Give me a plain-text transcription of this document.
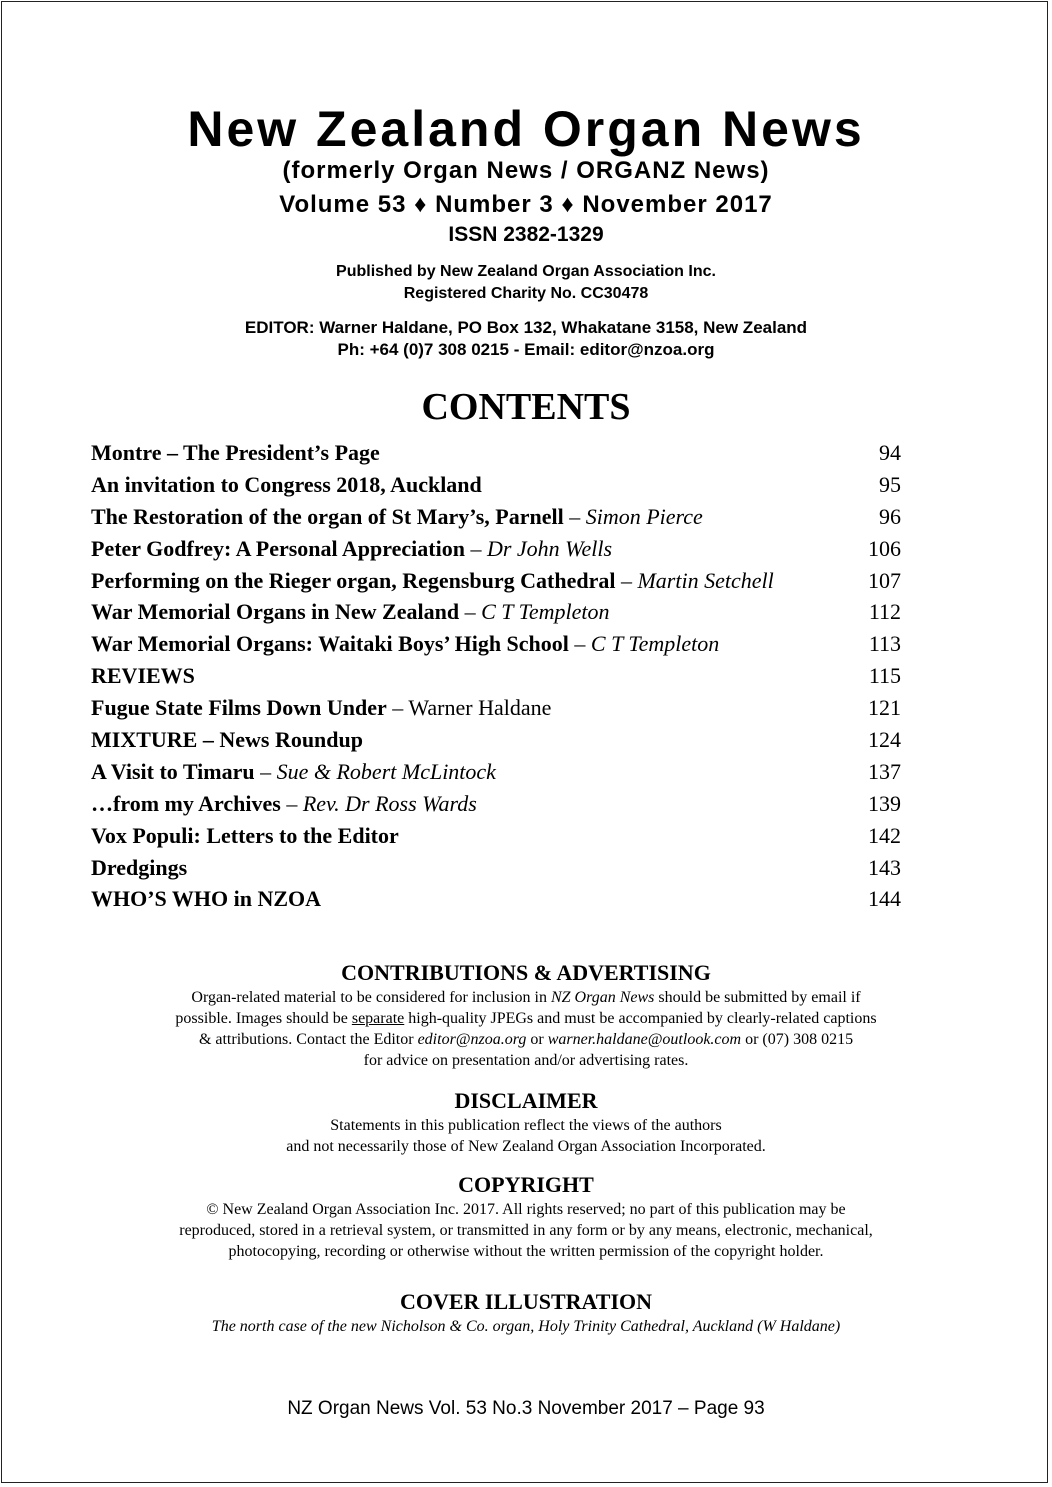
New Zealand Organ News

(formerly Organ News / ORGANZ News)

Volume 53 ♦ Number 3 ♦ November 2017

ISSN 2382-1329

Published by New Zealand Organ Association Inc.

Registered Charity No. CC30478

EDITOR: Warner Haldane, PO Box 132, Whakatane 3158, New Zealand

Ph: +64 (0)7 308 0215 - Email: editor@nzoa.org

CONTENTS
Montre – The President’s Page	94
An invitation to Congress 2018, Auckland	95
The Restoration of the organ of St Mary’s, Parnell – Simon Pierce	96
Peter Godfrey: A Personal Appreciation – Dr John Wells	106
Performing on the Rieger organ, Regensburg Cathedral – Martin Setchell	107
War Memorial Organs in New Zealand – C T Templeton	112
War Memorial Organs: Waitaki Boys’ High School – C T Templeton	113
REVIEWS	115
Fugue State Films Down Under – Warner Haldane	121
MIXTURE – News Roundup	124
A Visit to Timaru – Sue & Robert McLintock	137
…from my Archives – Rev. Dr Ross Wards	139
Vox Populi: Letters to the Editor	142
Dredgings	143
WHO’S WHO in NZOA	144
CONTRIBUTIONS & ADVERTISING
Organ-related material to be considered for inclusion in NZ Organ News should be submitted by email if
possible. Images should be separate high-quality JPEGs and must be accompanied by clearly-related captions
& attributions. Contact the Editor editor@nzoa.org or warner.haldane@outlook.com or (07) 308 0215
for advice on presentation and/or advertising rates.
DISCLAIMER
Statements in this publication reflect the views of the authors
and not necessarily those of New Zealand Organ Association Incorporated.
COPYRIGHT
© New Zealand Organ Association Inc. 2017. All rights reserved; no part of this publication may be
reproduced, stored in a retrieval system, or transmitted in any form or by any means, electronic, mechanical,
photocopying, recording or otherwise without the written permission of the copyright holder.
COVER ILLUSTRATION
The north case of the new Nicholson & Co. organ, Holy Trinity Cathedral, Auckland (W Haldane)

NZ Organ News Vol. 53 No.3 November 2017 – Page 93
